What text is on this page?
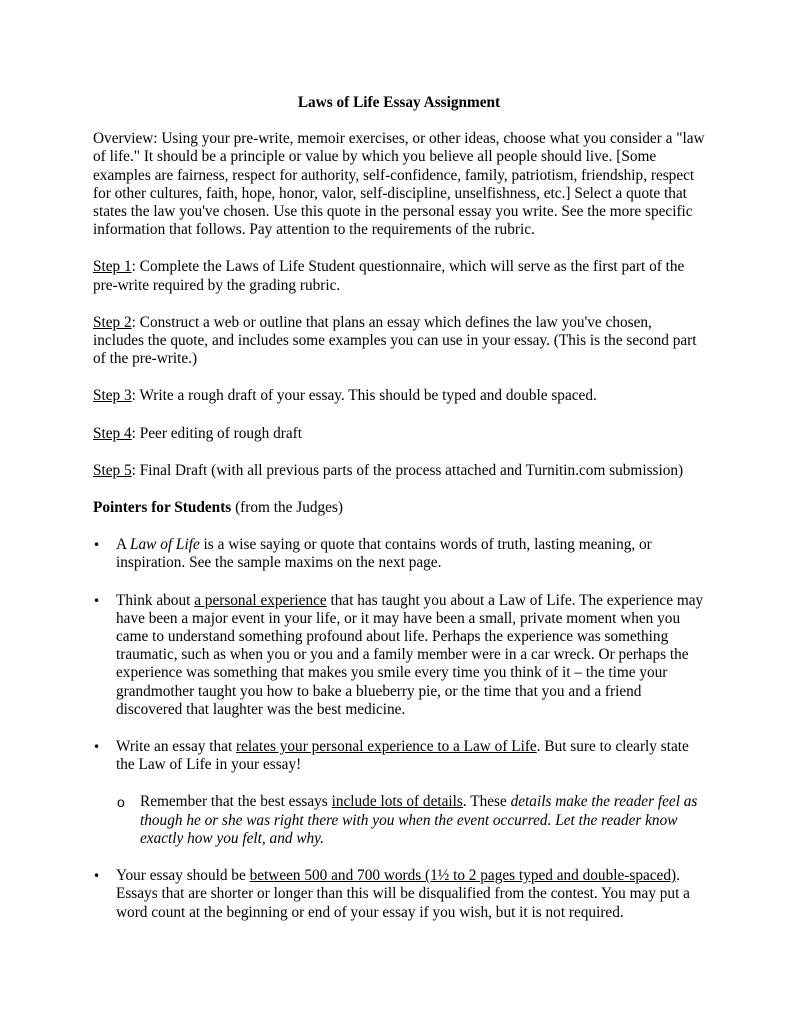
Laws of Life Essay Assignment

Overview: Using your pre-write, memoir exercises, or other ideas, choose what you consider a "law of life." It should be a principle or value by which you believe all people should live. [Some examples are fairness, respect for authority, self-confidence, family, patriotism, friendship, respect for other cultures, faith, hope, honor, valor, self-discipline, unselfishness, etc.] Select a quote that states the law you've chosen. Use this quote in the personal essay you write. See the more specific information that follows. Pay attention to the requirements of the rubric.

Step 1: Complete the Laws of Life Student questionnaire, which will serve as the first part of the pre-write required by the grading rubric.

Step 2: Construct a web or outline that plans an essay which defines the law you've chosen, includes the quote, and includes some examples you can use in your essay. (This is the second part of the pre-write.)

Step 3: Write a rough draft of your essay. This should be typed and double spaced.

Step 4: Peer editing of rough draft

Step 5: Final Draft (with all previous parts of the process attached and Turnitin.com submission)

Pointers for Students (from the Judges)

• A Law of Life is a wise saying or quote that contains words of truth, lasting meaning, or inspiration. See the sample maxims on the next page.
• Think about a personal experience that has taught you about a Law of Life. The experience may have been a major event in your life, or it may have been a small, private moment when you came to understand something profound about life. Perhaps the experience was something traumatic, such as when you or you and a family member were in a car wreck. Or perhaps the experience was something that makes you smile every time you think of it – the time your grandmother taught you how to bake a blueberry pie, or the time that you and a friend discovered that laughter was the best medicine.
• Write an essay that relates your personal experience to a Law of Life. But sure to clearly state the Law of Life in your essay!
o Remember that the best essays include lots of details. These details make the reader feel as though he or she was right there with you when the event occurred. Let the reader know exactly how you felt, and why.
• Your essay should be between 500 and 700 words (1½ to 2 pages typed and double-spaced). Essays that are shorter or longer than this will be disqualified from the contest. You may put a word count at the beginning or end of your essay if you wish, but it is not required.
